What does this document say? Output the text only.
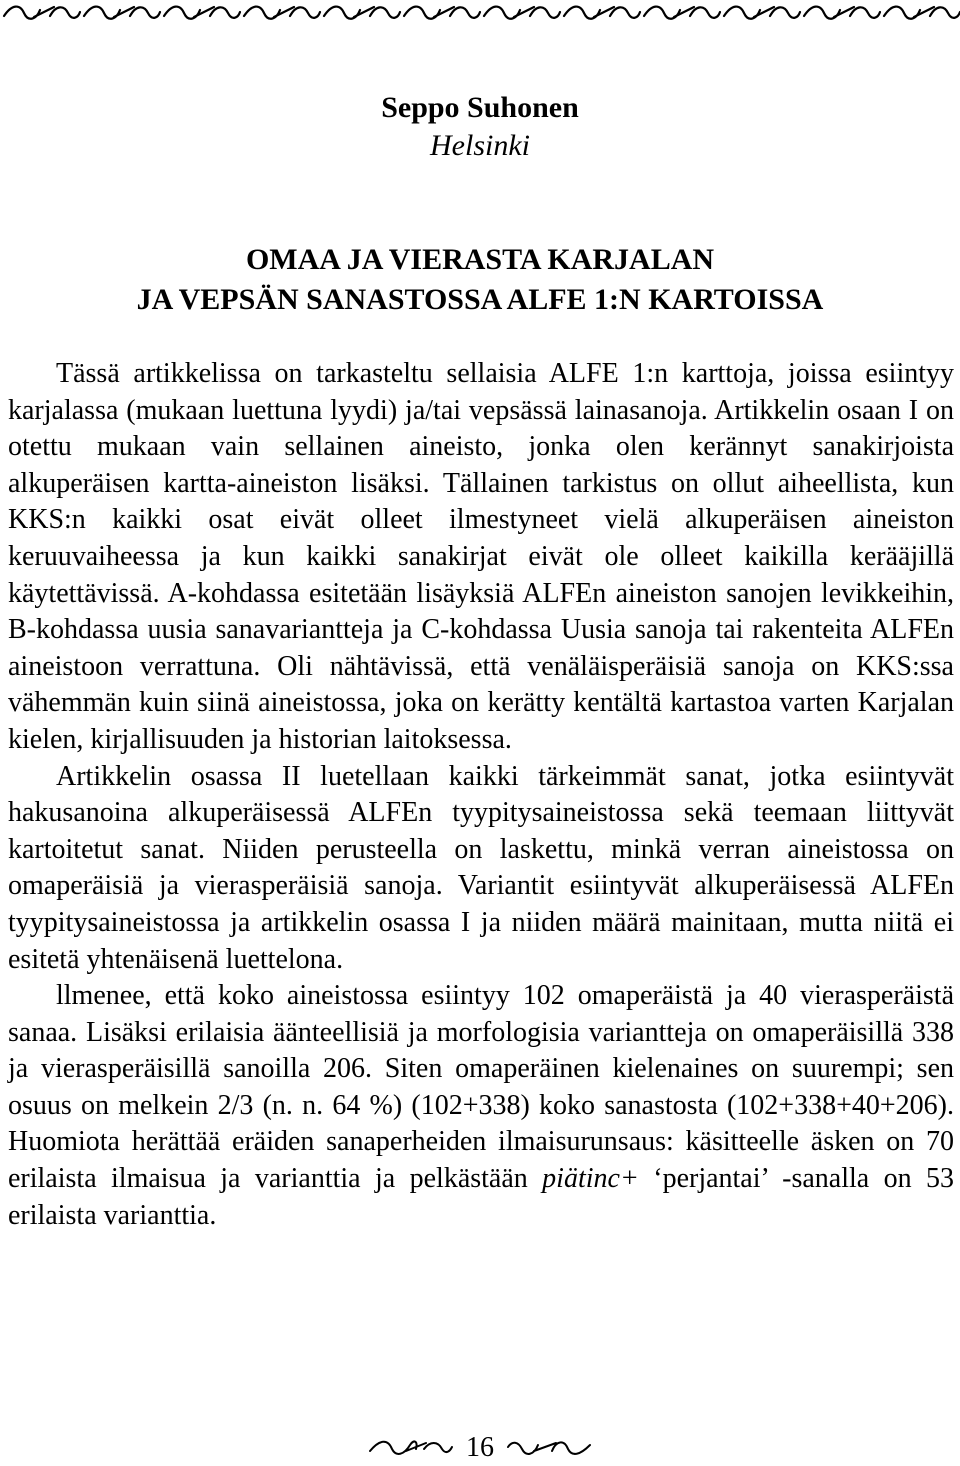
Seppo Suhonen
Helsinki
OMAA JA VIERASTA KARJALAN
JA VEPSÄN SANASTOSSA ALFE 1:N KARTOISSA

Tässä artikkelissa on tarkasteltu sellaisia ALFE 1:n karttoja, joissa esiintyy karjalassa (mukaan luettuna lyydi) ja/tai vepsässä lainasanoja. Artikkelin osaan I on otettu mukaan vain sellainen aineisto, jonka olen kerännyt sanakirjoista alkuperäisen kartta-aineiston lisäksi. Tällainen tarkistus on ollut aiheellista, kun KKS:n kaikki osat eivät olleet ilmestyneet vielä alkuperäisen aineiston keruuvaiheessa ja kun kaikki sanakirjat eivät ole olleet kaikilla kerääjillä käytettävissä. A-kohdassa esitetään lisäyksiä ALFEn aineiston sanojen levikkeihin, B-kohdassa uusia sanavariantteja ja C-kohdassa Uusia sanoja tai rakenteita ALFEn aineistoon verrattuna. Oli nähtävissä, että venäläisperäisiä sanoja on KKS:ssa vähemmän kuin siinä aineistossa, joka on kerätty kentältä kartastoa varten Karjalan kielen, kirjallisuuden ja historian laitoksessa.

Artikkelin osassa II luetellaan kaikki tärkeimmät sanat, jotka esiintyvät hakusanoina alkuperäisessä ALFEn tyypitysaineistossa sekä teemaan liittyvät kartoitetut sanat. Niiden perusteella on laskettu, minkä verran aineistossa on omaperäisiä ja vierasperäisiä sanoja. Variantit esiintyvät alkuperäisessä ALFEn tyypitysaineistossa ja artikkelin osassa I ja niiden määrä mainitaan, mutta niitä ei esitetä yhtenäisenä luettelona.

llmenee, että koko aineistossa esiintyy 102 omaperäistä ja 40 vierasperäistä sanaa. Lisäksi erilaisia äänteellisiä ja morfologisia variantteja on omaperäisillä 338 ja vierasperäisillä sanoilla 206. Siten omaperäinen kielenaines on suurempi; sen osuus on melkein 2/3 (n. n. 64 %) (102+338) koko sanastosta (102+338+40+206). Huomiota herättää eräiden sanaperheiden ilmaisurunsaus: käsitteelle äsken on 70 erilaista ilmaisua ja varianttia ja pelkästään piätinc+ ‘perjantai’ -sanalla on 53 erilaista varianttia.

16
